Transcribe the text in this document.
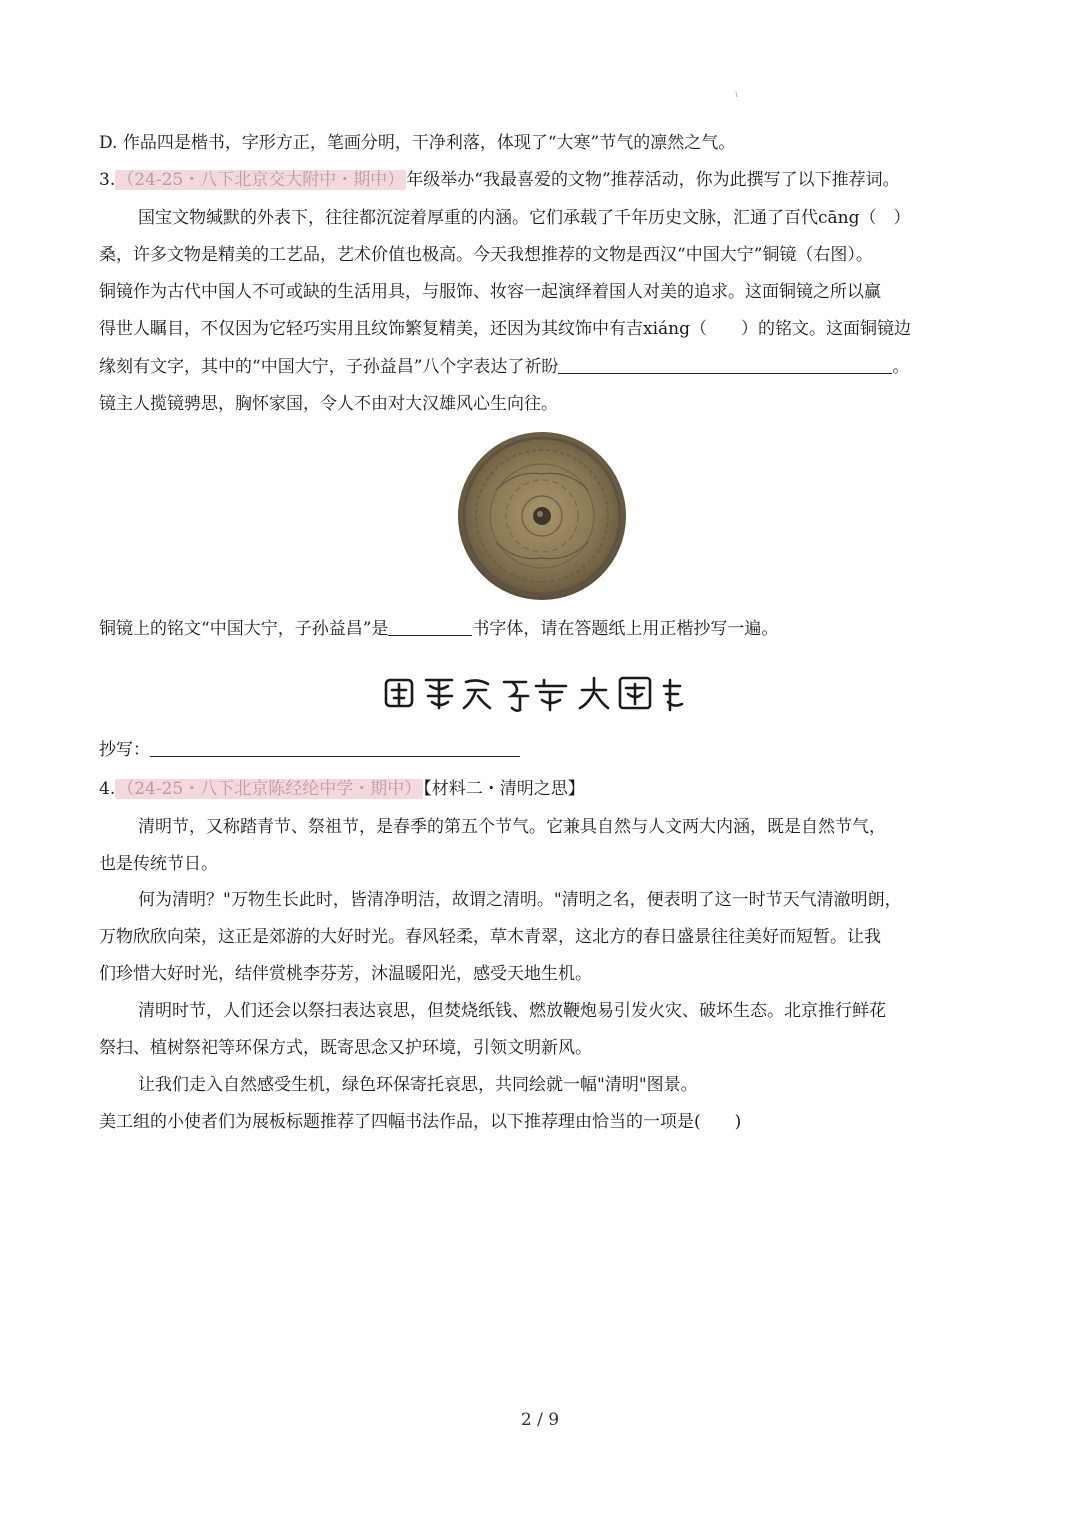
ι
D. 作品四是楷书，字形方正，笔画分明，干净利落，体现了“大寒”节气的凛然之气。
3. （24-25・八下北京交大附中・期中） 年级举办“我最喜爱的文物”推荐活动，你为此撰写了以下推荐词。
国宝文物缄默的外表下，往往都沉淀着厚重的内涵。它们承载了千年历史文脉，汇通了百代cāng（　）
桑，许多文物是精美的工艺品，艺术价值也极高。今天我想推荐的文物是西汉“中国大宁”铜镜（右图）。
铜镜作为古代中国人不可或缺的生活用具，与服饰、妆容一起演绎着国人对美的追求。这面铜镜之所以赢
得世人瞩目，不仅因为它轻巧实用且纹饰繁复精美，还因为其纹饰中有吉xiáng（　　）的铭文。这面铜镜边
缘刻有文字，其中的“中国大宁，子孙益昌”八个字表达了祈盼	。
镜主人揽镜骋思，胸怀家国，令人不由对大汉雄风心生向往。
铜镜上的铭文“中国大宁，子孙益昌”是	书字体，请在答题纸上用正楷抄写一遍。
抄写：
4. （24-25・八下北京陈经纶中学・期中） 【材料二・清明之思】
清明节，又称踏青节、祭祖节，是春季的第五个节气。它兼具自然与人文两大内涵，既是自然节气，
也是传统节日。
何为清明？"万物生长此时，皆清净明洁，故谓之清明。"清明之名，便表明了这一时节天气清澈明朗，
万物欣欣向荣，这正是郊游的大好时光。春风轻柔，草木青翠，这北方的春日盛景往往美好而短暂。让我
们珍惜大好时光，结伴赏桃李芬芳，沐温暖阳光，感受天地生机。
清明时节，人们还会以祭扫表达哀思，但焚烧纸钱、燃放鞭炮易引发火灾、破坏生态。北京推行鲜花
祭扫、植树祭祀等环保方式，既寄思念又护环境，引领文明新风。
让我们走入自然感受生机，绿色环保寄托哀思，共同绘就一幅"清明"图景。
美工组的小使者们为展板标题推荐了四幅书法作品，以下推荐理由恰当的一项是(　　)
2 / 9
